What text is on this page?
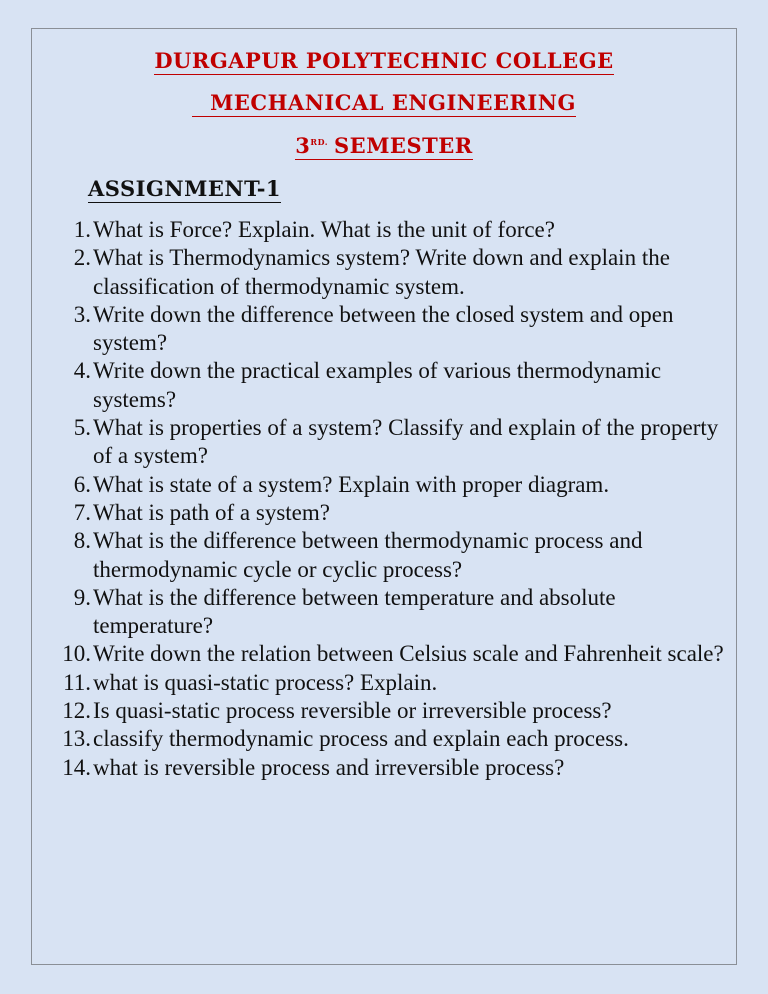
DURGAPUR POLYTECHNIC COLLEGE
MECHANICAL ENGINEERING
$3^{RD.}$ SEMESTER
ASSIGNMENT-1
1. What is Force? Explain. What is the unit of force?
2. What is Thermodynamics system? Write down and explain the classification of thermodynamic system.
3. Write down the difference between the closed system and open system?
4. Write down the practical examples of various thermodynamic systems?
5. What is properties of a system? Classify and explain of the property of a system?
6. What is state of a system? Explain with proper diagram.
7. What is path of a system?
8. What is the difference between thermodynamic process and thermodynamic cycle or cyclic process?
9. What is the difference between temperature and absolute temperature?
10. Write down the relation between Celsius scale and Fahrenheit scale?
11. what is quasi-static process? Explain.
12. Is quasi-static process reversible or irreversible process?
13. classify thermodynamic process and explain each process.
14. what is reversible process and irreversible process?
